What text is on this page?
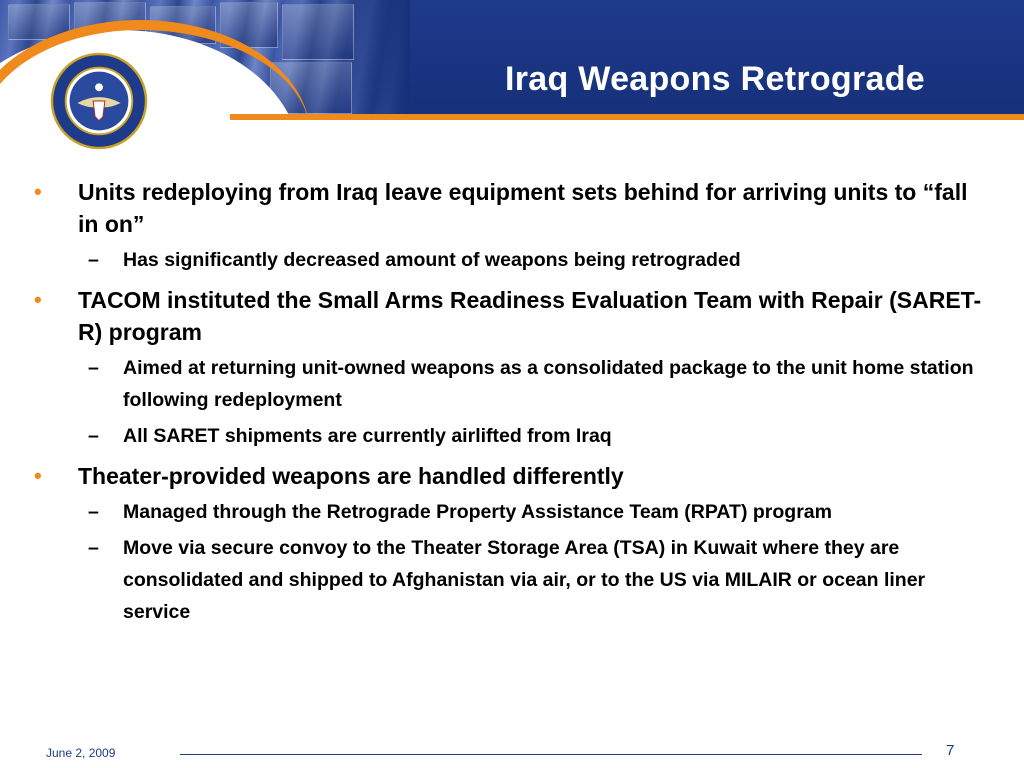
Iraq Weapons Retrograde
• Units redeploying from Iraq leave equipment sets behind for arriving units to “fall in on”
– Has significantly decreased amount of weapons being retrograded
• TACOM instituted the Small Arms Readiness Evaluation Team with Repair (SARET-R) program
– Aimed at returning unit-owned weapons as a consolidated package to the unit home station following redeployment
– All SARET shipments are currently airlifted from Iraq
• Theater-provided weapons are handled differently
– Managed through the Retrograde Property Assistance Team (RPAT) program
– Move via secure convoy to the Theater Storage Area (TSA) in Kuwait where they are consolidated and shipped to Afghanistan via air, or to the US via MILAIR or ocean liner service
June 2, 2009	7
